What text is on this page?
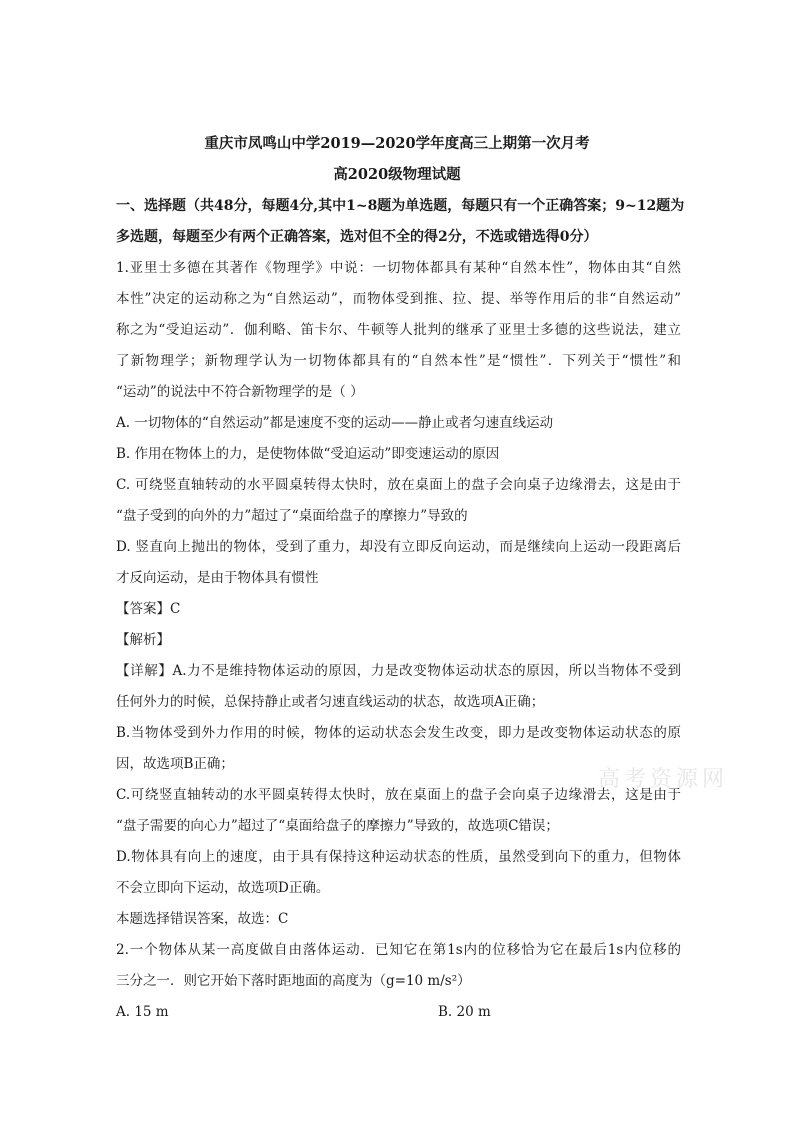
重庆市凤鸣山中学2019—2020学年度高三上期第一次月考
高2020级物理试题
一、选择题（共48分，每题4分,其中1~8题为单选题，每题只有一个正确答案；9~12题为
多选题，每题至少有两个正确答案，选对但不全的得2分，不选或错选得0分）
1.亚里士多德在其著作《物理学》中说：一切物体都具有某种“自然本性”，物体由其“自然
本性”决定的运动称之为“自然运动”，而物体受到推、拉、提、举等作用后的非“自然运动”
称之为“受迫运动”．伽利略、笛卡尔、牛顿等人批判的继承了亚里士多德的这些说法，建立
了新物理学；新物理学认为一切物体都具有的“自然本性”是“惯性”．下列关于“惯性”和
“运动”的说法中不符合新物理学的是（ ）
A. 一切物体的“自然运动”都是速度不变的运动——静止或者匀速直线运动
B. 作用在物体上的力，是使物体做“受迫运动”即变速运动的原因
C. 可绕竖直轴转动的水平圆桌转得太快时，放在桌面上的盘子会向桌子边缘滑去，这是由于
“盘子受到的向外的力”超过了“桌面给盘子的摩擦力”导致的
D. 竖直向上抛出的物体，受到了重力，却没有立即反向运动，而是继续向上运动一段距离后
才反向运动，是由于物体具有惯性
【答案】C
【解析】
【详解】A.力不是维持物体运动的原因，力是改变物体运动状态的原因，所以当物体不受到
任何外力的时候，总保持静止或者匀速直线运动的状态，故选项A正确；
B.当物体受到外力作用的时候，物体的运动状态会发生改变，即力是改变物体运动状态的原
因，故选项B正确；
C.可绕竖直轴转动的水平圆桌转得太快时，放在桌面上的盘子会向桌子边缘滑去，这是由于
“盘子需要的向心力”超过了“桌面给盘子的摩擦力”导致的，故选项C错误；
D.物体具有向上的速度，由于具有保持这种运动状态的性质，虽然受到向下的重力，但物体
不会立即向下运动，故选项D正确。
本题选择错误答案，故选：C
2.一个物体从某一高度做自由落体运动．已知它在第1s内的位移恰为它在最后1s内位移的
三分之一．则它开始下落时距地面的高度为（g=10 m/s²）
A. 15 m	B. 20 m
高考资源网
